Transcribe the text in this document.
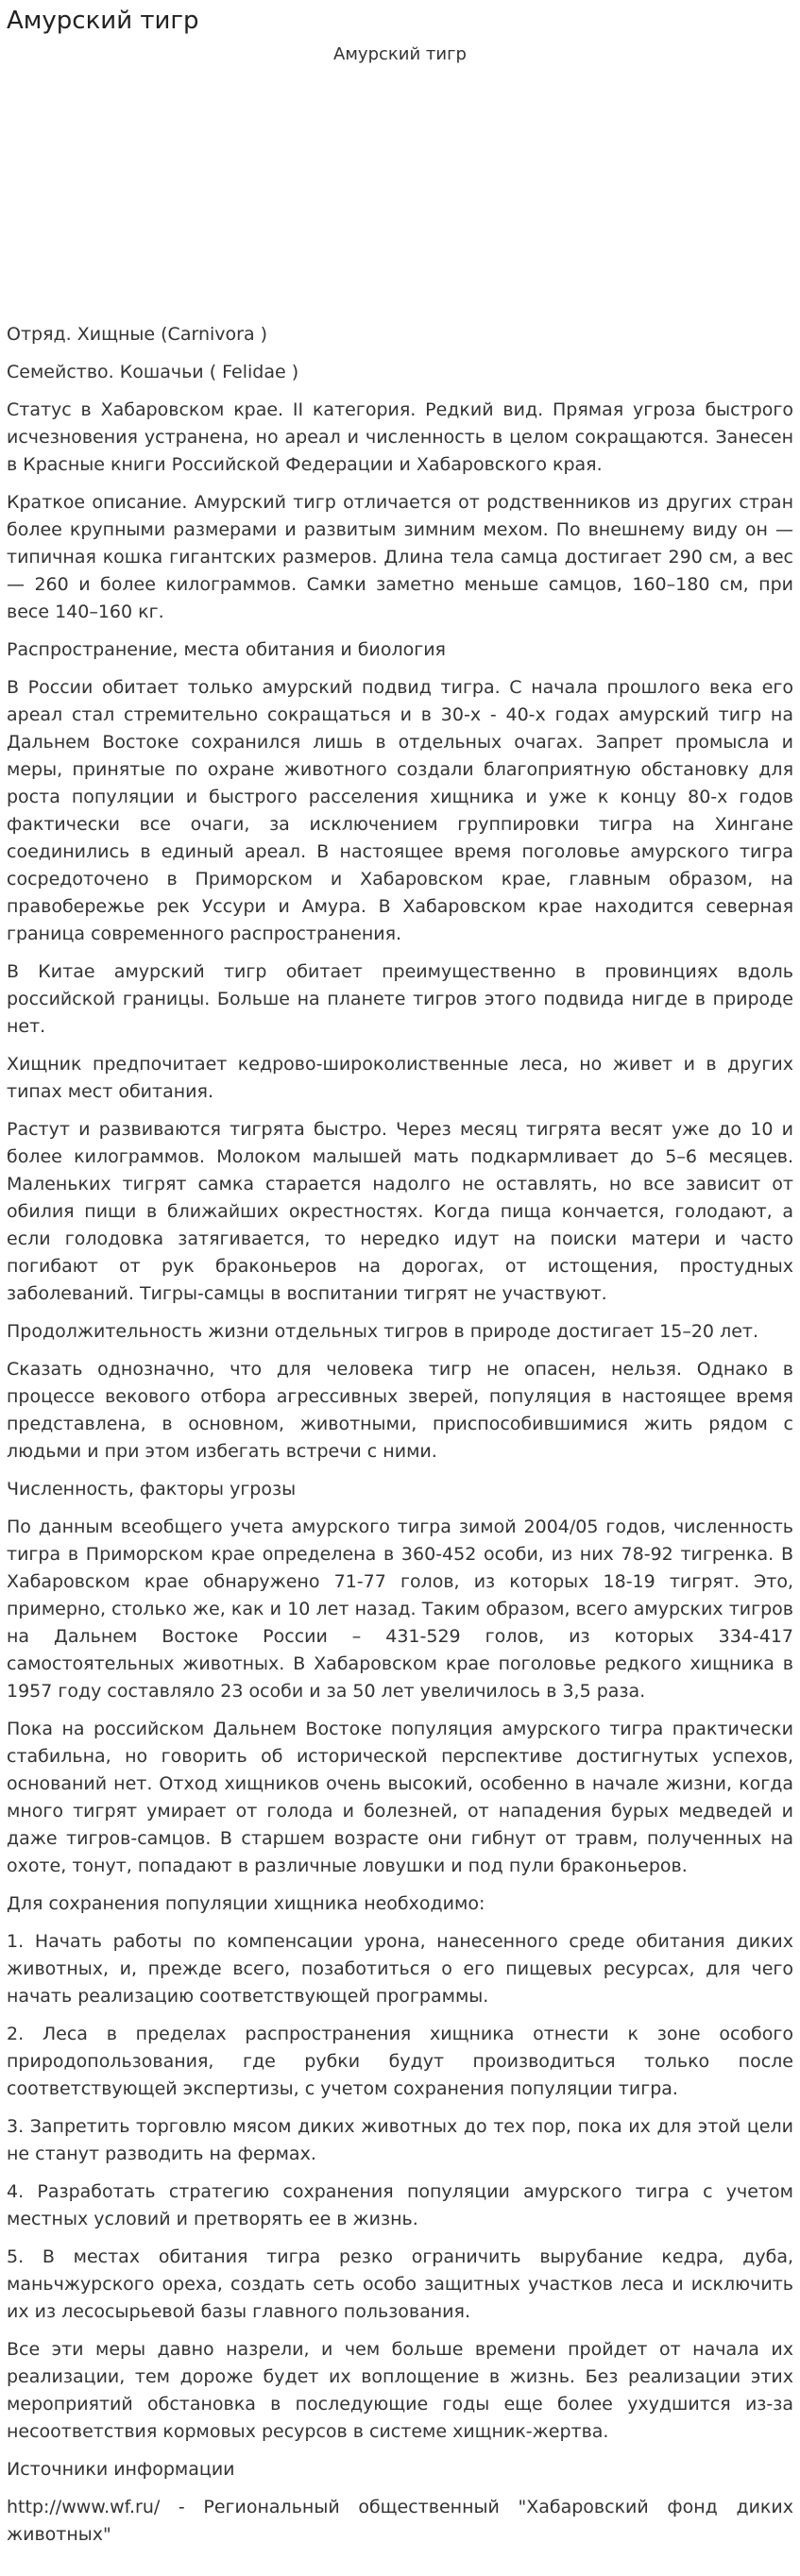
Амурский тигр
Амурский тигр

Отряд. Хищные (Carnivora )

Семейство. Кошачьи ( Felidae )

Статус в Хабаровском крае. II категория. Редкий вид. Прямая угроза быстрого исчезновения устранена, но ареал и численность в целом сокращаются. Занесен в Красные книги Российской Федерации и Хабаровского края.

Краткое описание. Амурский тигр отличается от родственников из других стран более крупными размерами и развитым зимним мехом. По внешнему виду он — типичная кошка гигантских размеров. Длина тела самца достигает 290 см, а вес — 260 и более килограммов. Самки заметно меньше самцов, 160–180 см, при весе 140–160 кг.

Распространение, места обитания и биология

В России обитает только амурский подвид тигра. С начала прошлого века его ареал стал стремительно сокращаться и в 30-х - 40-х годах амурский тигр на Дальнем Востоке сохранился лишь в отдельных очагах. Запрет промысла и меры, принятые по охране животного создали благоприятную обстановку для роста популяции и быстрого расселения хищника и уже к концу 80-х годов фактически все очаги, за исключением группировки тигра на Хингане соединились в единый ареал. В настоящее время поголовье амурского тигра сосредоточено в Приморском и Хабаровском крае, главным образом, на правобережье рек Уссури и Амура. В Хабаровском крае находится северная граница современного распространения.

В Китае амурский тигр обитает преимущественно в провинциях вдоль российской границы. Больше на планете тигров этого подвида нигде в природе нет.

Хищник предпочитает кедрово-широколиственные леса, но живет и в других типах мест обитания.

Растут и развиваются тигрята быстро. Через месяц тигрята весят уже до 10 и более килограммов. Молоком малышей мать подкармливает до 5–6 месяцев. Маленьких тигрят самка старается надолго не оставлять, но все зависит от обилия пищи в ближайших окрестностях. Когда пища кончается, голодают, а если голодовка затягивается, то нередко идут на поиски матери и часто погибают от рук браконьеров на дорогах, от истощения, простудных заболеваний. Тигры-самцы в воспитании тигрят не участвуют.

Продолжительность жизни отдельных тигров в природе достигает 15–20 лет.

Сказать однозначно, что для человека тигр не опасен, нельзя. Однако в процессе векового отбора агрессивных зверей, популяция в настоящее время представлена, в основном, животными, приспособившимися жить рядом с людьми и при этом избегать встречи с ними.

Численность, факторы угрозы

По данным всеобщего учета амурского тигра зимой 2004/05 годов, численность тигра в Приморском крае определена в 360-452 особи, из них 78-92 тигренка. В Хабаровском крае обнаружено 71-77 голов, из которых 18-19 тигрят. Это, примерно, столько же, как и 10 лет назад. Таким образом, всего амурских тигров на Дальнем Востоке России – 431-529 голов, из которых 334-417 самостоятельных животных. В Хабаровском крае поголовье редкого хищника в 1957 году составляло 23 особи и за 50 лет увеличилось в 3,5 раза.

Пока на российском Дальнем Востоке популяция амурского тигра практически стабильна, но говорить об исторической перспективе достигнутых успехов, оснований нет. Отход хищников очень высокий, особенно в начале жизни, когда много тигрят умирает от голода и болезней, от нападения бурых медведей и даже тигров-самцов. В старшем возрасте они гибнут от травм, полученных на охоте, тонут, попадают в различные ловушки и под пули браконьеров.

Для сохранения популяции хищника необходимо:

1. Начать работы по компенсации урона, нанесенного среде обитания диких животных, и, прежде всего, позаботиться о его пищевых ресурсах, для чего начать реализацию соответствующей программы.

2. Леса в пределах распространения хищника отнести к зоне особого природопользования, где рубки будут производиться только после соответствующей экспертизы, с учетом сохранения популяции тигра.

3. Запретить торговлю мясом диких животных до тех пор, пока их для этой цели не станут разводить на фермах.

4. Разработать стратегию сохранения популяции амурского тигра с учетом местных условий и претворять ее в жизнь.

5. В местах обитания тигра резко ограничить вырубание кедра, дуба, маньчжурского ореха, создать сеть особо защитных участков леса и исключить их из лесосырьевой базы главного пользования.

Все эти меры давно назрели, и чем больше времени пройдет от начала их реализации, тем дороже будет их воплощение в жизнь. Без реализации этих мероприятий обстановка в последующие годы еще более ухудшится из-за несоответствия кормовых ресурсов в системе хищник-жертва.

Источники информации

http://www.wf.ru/ - Региональный общественный "Хабаровский фонд диких животных"
